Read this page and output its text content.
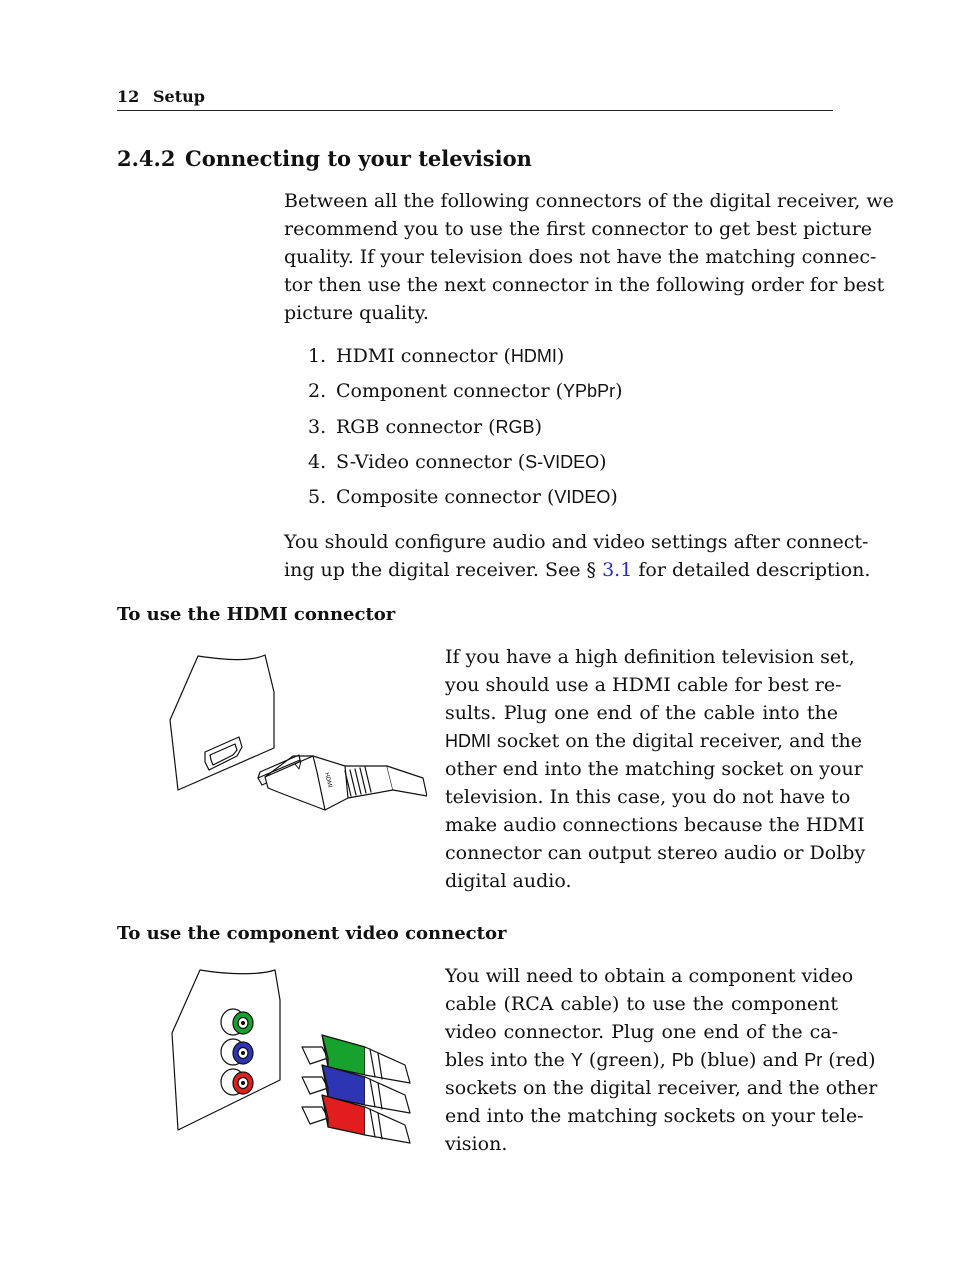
12 Setup
2.4.2 Connecting to your television

Between all the following connectors of the digital receiver, we
recommend you to use the first connector to get best picture
quality. If your television does not have the matching connec-
tor then use the next connector in the following order for best
picture quality.

1. HDMI connector (HDMI)
2. Component connector (YPbPr)
3. RGB connector (RGB)
4. S-Video connector (S-VIDEO)
5. Composite connector (VIDEO)

You should configure audio and video settings after connect-
ing up the digital receiver. See § 3.1 for detailed description.

To use the HDMI connector
HDMI

If you have a high definition television set,
you should use a HDMI cable for best re-
sults. Plug one end of the cable into the
HDMI socket on the digital receiver, and the
other end into the matching socket on your
television. In this case, you do not have to
make audio connections because the HDMI
connector can output stereo audio or Dolby
digital audio.

To use the component video connector

You will need to obtain a component video
cable (RCA cable) to use the component
video connector. Plug one end of the ca-
bles into the Y (green), Pb (blue) and Pr (red)
sockets on the digital receiver, and the other
end into the matching sockets on your tele-
vision.
